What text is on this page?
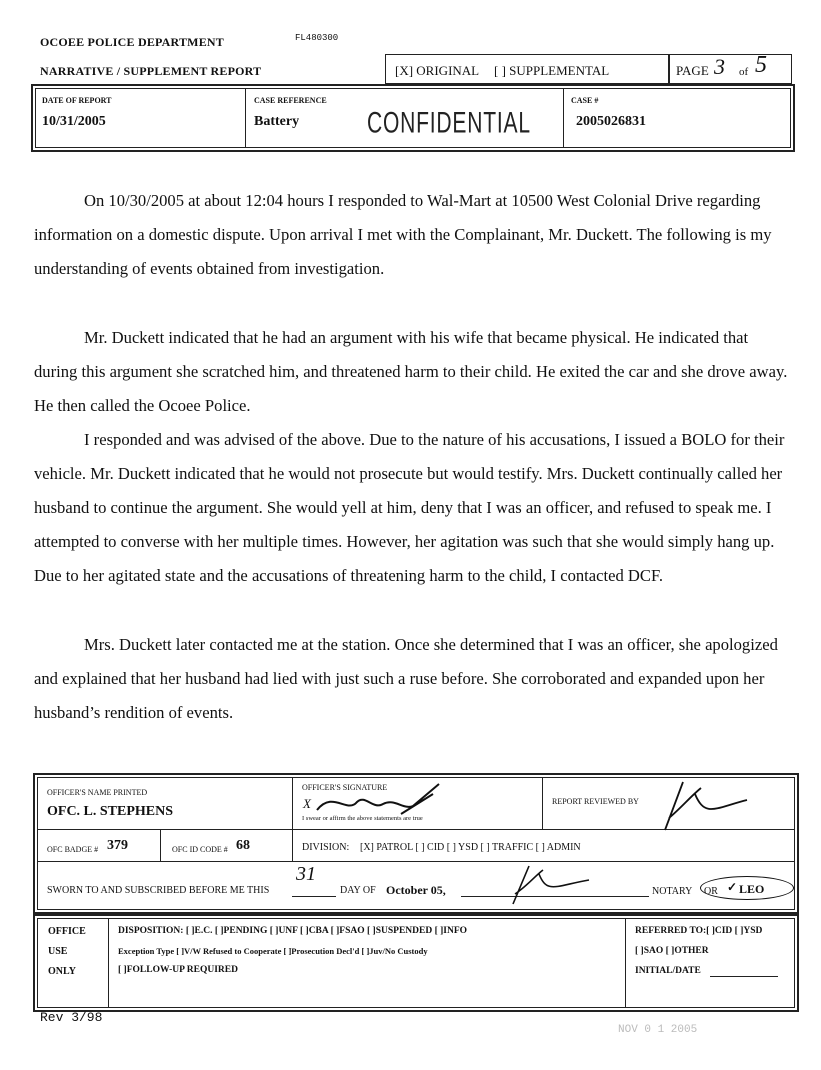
OCOEE POLICE DEPARTMENT	FL480300
NARRATIVE / SUPPLEMENT REPORT	[X] ORIGINAL [ ] SUPPLEMENTAL	PAGE 3 of 5
DATE OF REPORT
10/31/2005
CASE REFERENCE
Battery	CONFIDENTIAL
CASE #
2005026831

On 10/30/2005 at about 12:04 hours I responded to Wal-Mart at 10500 West Colonial Drive regarding information on a domestic dispute. Upon arrival I met with the Complainant, Mr. Duckett. The following is my understanding of events obtained from investigation.

Mr. Duckett indicated that he had an argument with his wife that became physical. He indicated that during this argument she scratched him, and threatened harm to their child. He exited the car and she drove away. He then called the Ocoee Police.

I responded and was advised of the above. Due to the nature of his accusations, I issued a BOLO for their vehicle. Mr. Duckett indicated that he would not prosecute but would testify. Mrs. Duckett continually called her husband to continue the argument. She would yell at him, deny that I was an officer, and refused to speak me. I attempted to converse with her multiple times. However, her agitation was such that she would simply hang up. Due to her agitated state and the accusations of threatening harm to the child, I contacted DCF.

Mrs. Duckett later contacted me at the station. Once she determined that I was an officer, she apologized and explained that her husband had lied with just such a ruse before. She corroborated and expanded upon her husband’s rendition of events.

OFFICER'S NAME PRINTED
OFC. L. STEPHENS
OFFICER'S SIGNATURE
X
I swear or affirm the above statements are true
REPORT REVIEWED BY
OFC BADGE # 379	OFC ID CODE # 68	DIVISION: [X] PATROL [ ] CID [ ] YSD [ ] TRAFFIC [ ] ADMIN
SWORN TO AND SUBSCRIBED BEFORE ME THIS
31
DAY OF October 05,	NOTARY OR ✓ LEO
OFFICE
USE
ONLY
DISPOSITION: [ ]E.C. [ ]PENDING [ ]UNF [ ]CBA [ ]FSAO [ ]SUSPENDED [ ]INFO
Exception Type [ ]V/W Refused to Cooperate [ ]Prosecution Decl'd [ ]Juv/No Custody
[ ]FOLLOW-UP REQUIRED
REFERRED TO:[ ]CID [ ]YSD
[ ]SAO [ ]OTHER
INITIAL/DATE
Rev 3/98
NOV 0 1 2005
